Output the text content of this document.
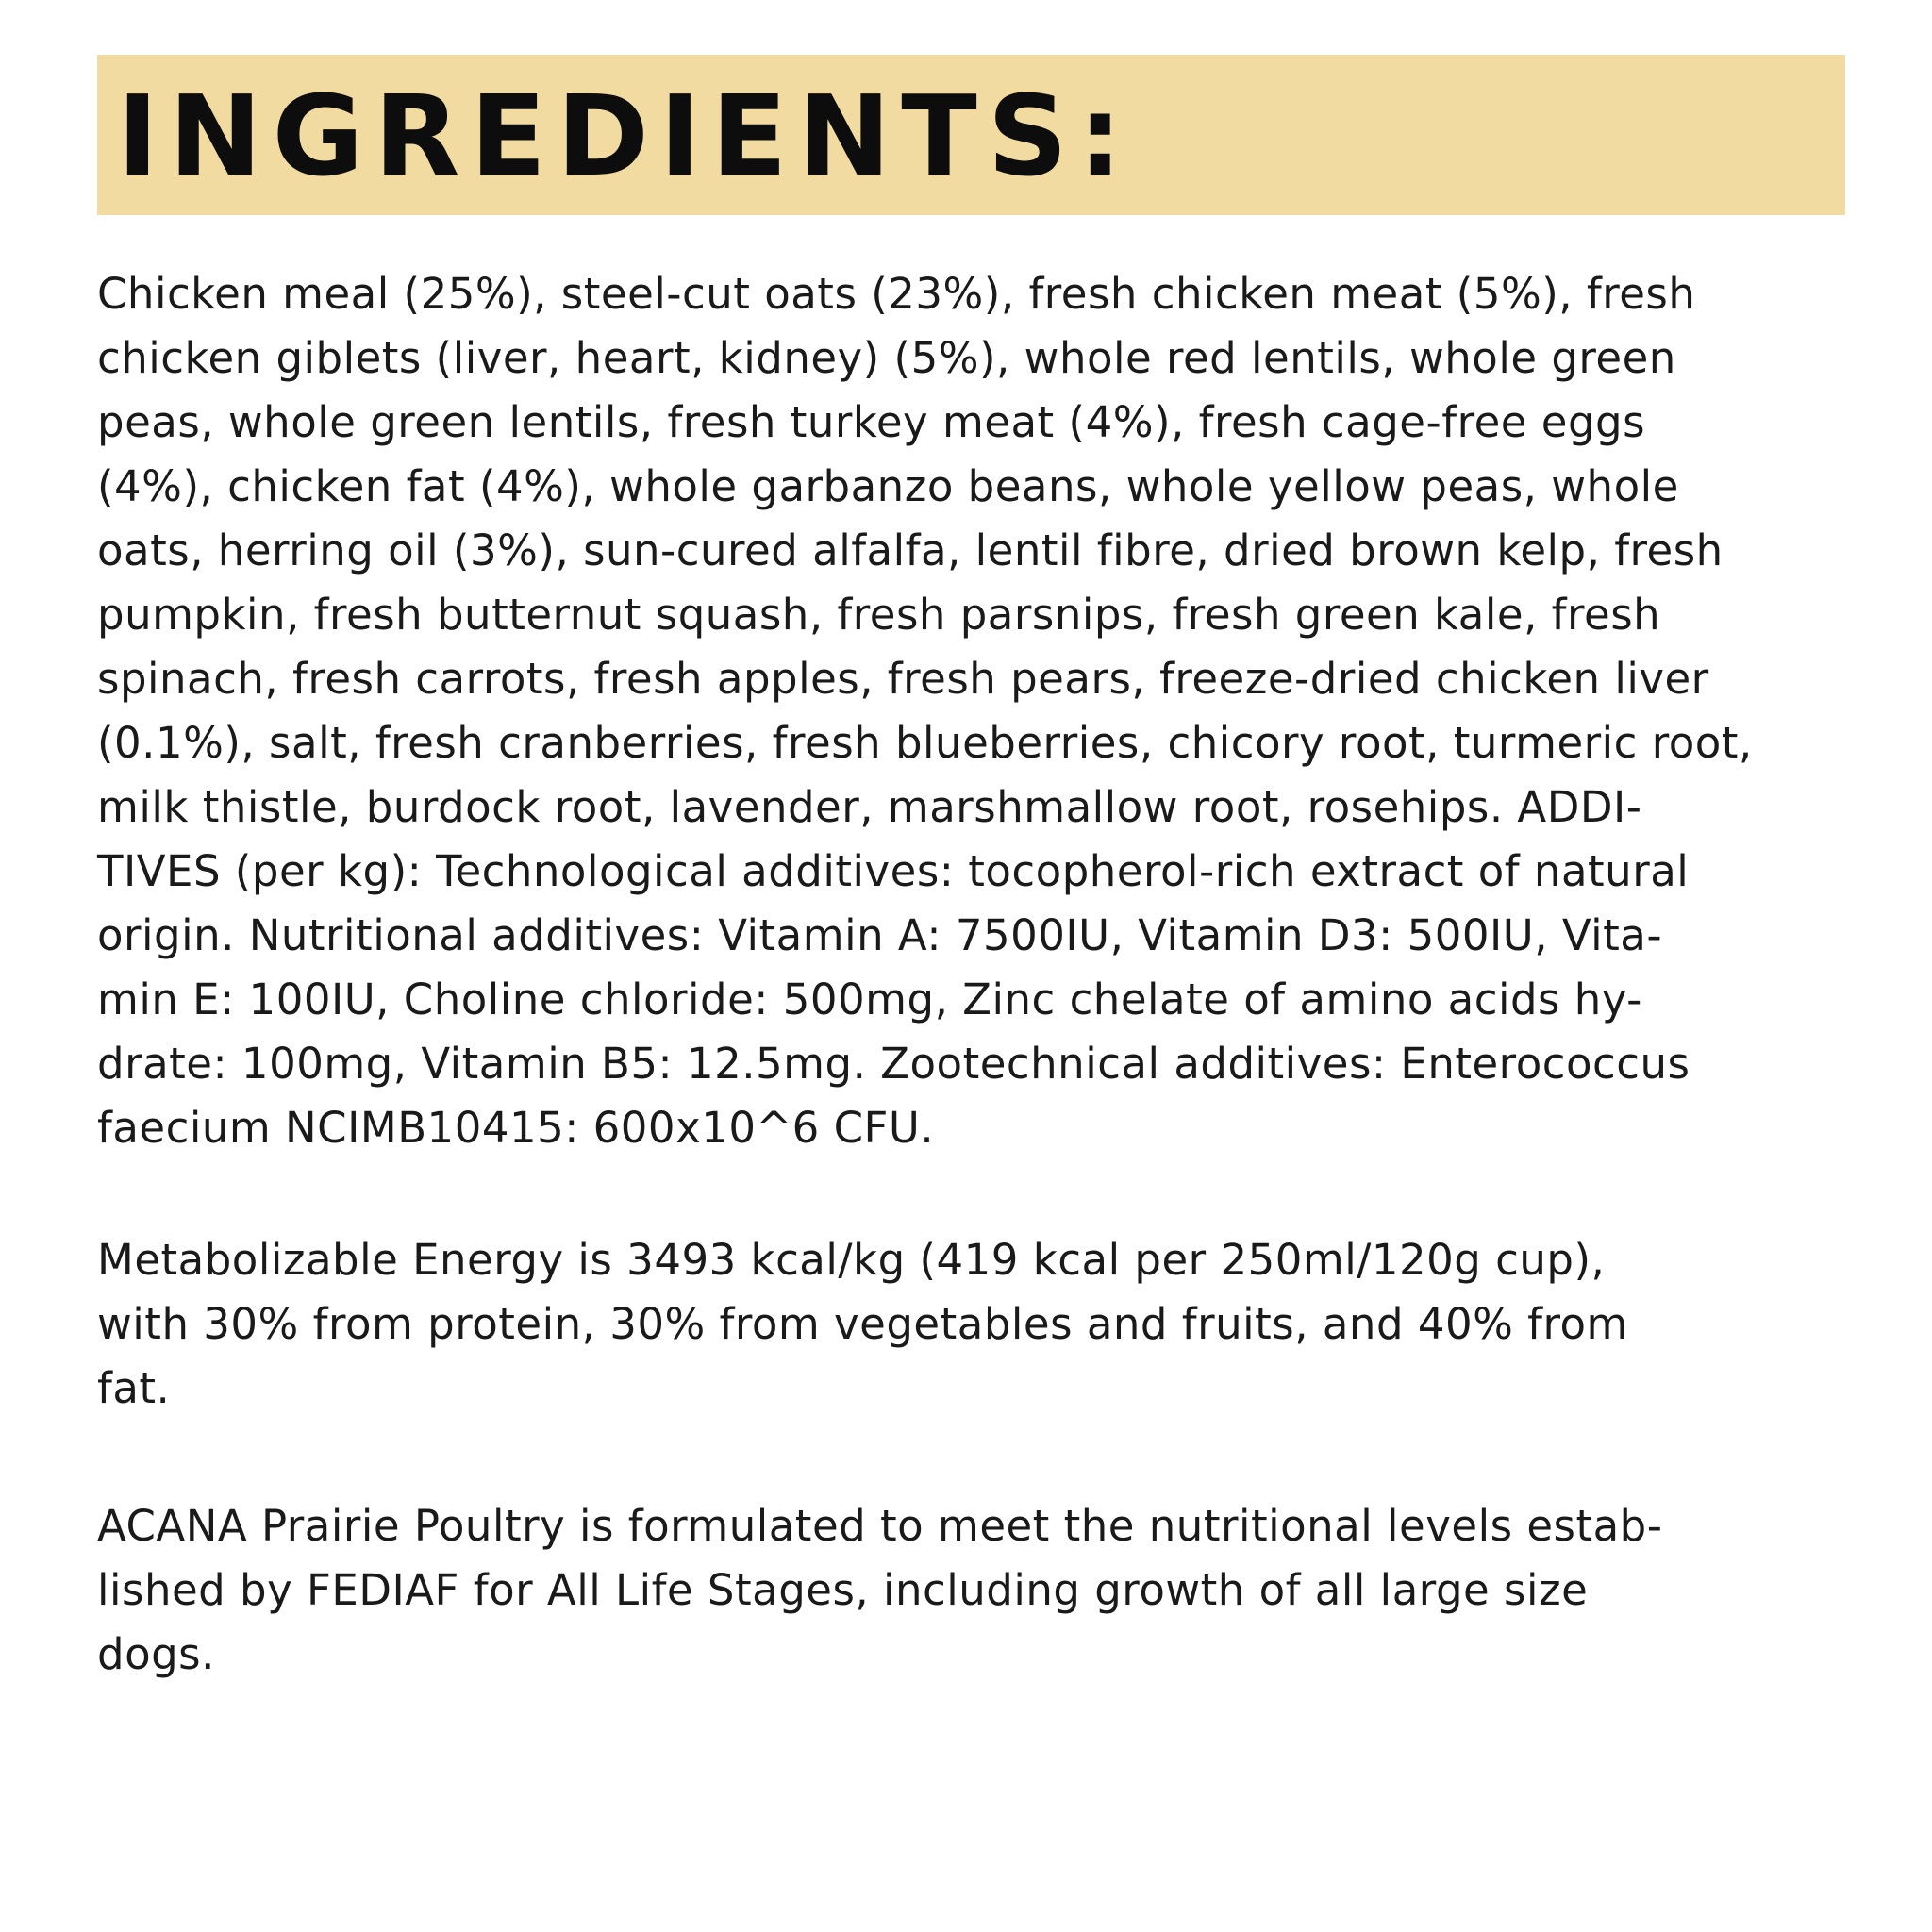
INGREDIENTS:

Chicken meal (25%), steel-cut oats (23%), fresh chicken meat (5%), fresh
chicken giblets (liver, heart, kidney) (5%), whole red lentils, whole green
peas, whole green lentils, fresh turkey meat (4%), fresh cage-free eggs
(4%), chicken fat (4%), whole garbanzo beans, whole yellow peas, whole
oats, herring oil (3%), sun-cured alfalfa, lentil fibre, dried brown kelp, fresh
pumpkin, fresh butternut squash, fresh parsnips, fresh green kale, fresh
spinach, fresh carrots, fresh apples, fresh pears, freeze-dried chicken liver
(0.1%), salt, fresh cranberries, fresh blueberries, chicory root, turmeric root,
milk thistle, burdock root, lavender, marshmallow root, rosehips. ADDI-
TIVES (per kg): Technological additives: tocopherol-rich extract of natural
origin. Nutritional additives: Vitamin A: 7500IU, Vitamin D3: 500IU, Vita-
min E: 100IU, Choline chloride: 500mg, Zinc chelate of amino acids hy-
drate: 100mg, Vitamin B5: 12.5mg. Zootechnical additives: Enterococcus
faecium NCIMB10415: 600x10^6 CFU.

Metabolizable Energy is 3493 kcal/kg (419 kcal per 250ml/120g cup),
with 30% from protein, 30% from vegetables and fruits, and 40% from
fat.

ACANA Prairie Poultry is formulated to meet the nutritional levels estab-
lished by FEDIAF for All Life Stages, including growth of all large size
dogs.
